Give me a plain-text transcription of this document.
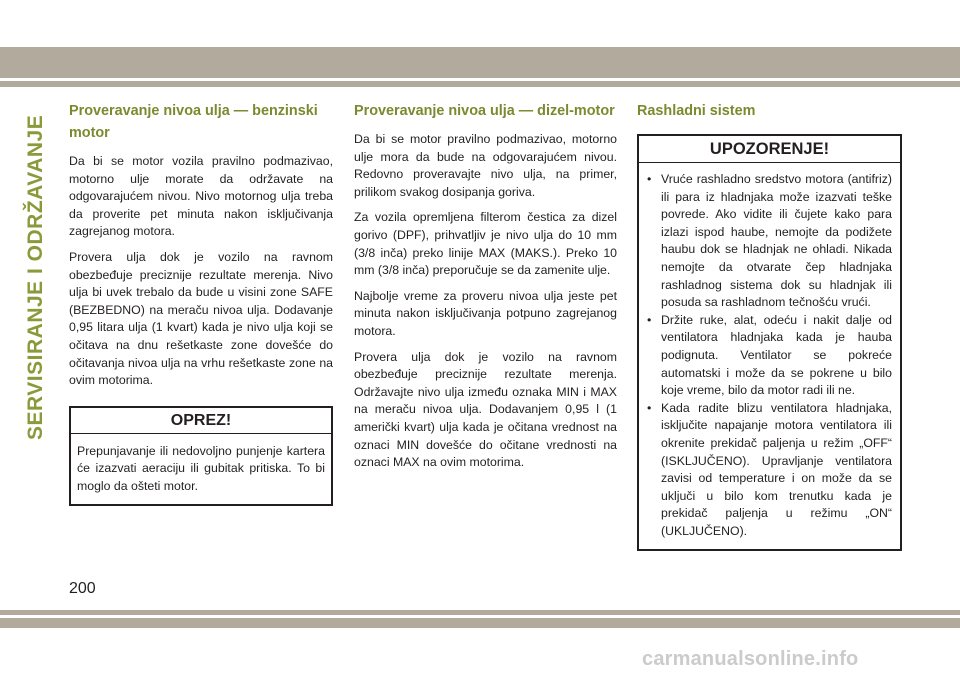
SERVISIRANJE I ODRŽAVANJE
Proveravanje nivoa ulja — benzinski motor

Da bi se motor vozila pravilno podmazivao, motorno ulje morate da održavate na odgovarajućem nivou. Nivo motornog ulja treba da proverite pet minuta nakon isključivanja zagrejanog motora.

Provera ulja dok je vozilo na ravnom obezbeđuje preciznije rezultate merenja. Nivo ulja bi uvek trebalo da bude u visini zone SAFE (BEZBEDNO) na meraču nivoa ulja. Dodavanje 0,95 litara ulja (1 kvart) kada je nivo ulja koji se očitava na dnu rešetkaste zone dovešće do očitavanja nivoa ulja na vrhu rešetkaste zone na ovim motorima.

OPREZ!
Prepunjavanje ili nedovoljno punjenje kartera će izazvati aeraciju ili gubitak pritiska. To bi moglo da ošteti motor.
Proveravanje nivoa ulja — dizel-motor

Da bi se motor pravilno podmazivao, motorno ulje mora da bude na odgovarajućem nivou. Redovno proveravajte nivo ulja, na primer, prilikom svakog dosipanja goriva.

Za vozila opremljena filterom čestica za dizel gorivo (DPF), prihvatljiv je nivo ulja do 10 mm (3/8 inča) preko linije MAX (MAKS.). Preko 10 mm (3/8 inča) preporučuje se da zamenite ulje.

Najbolje vreme za proveru nivoa ulja jeste pet minuta nakon isključivanja potpuno zagrejanog motora.

Provera ulja dok je vozilo na ravnom obezbeđuje preciznije rezultate merenja. Održavajte nivo ulja između oznaka MIN i MAX na meraču nivoa ulja. Dodavanjem 0,95 l (1 američki kvart) ulja kada je očitana vrednost na oznaci MIN dovešće do očitane vrednosti na oznaci MAX na ovim motorima.

Rashladni sistem
UPOZORENJE!
• Vruće rashladno sredstvo motora (antifriz) ili para iz hladnjaka može izazvati teške povrede. Ako vidite ili čujete kako para izlazi ispod haube, nemojte da podižete haubu dok se hladnjak ne ohladi. Nikada nemojte da otvarate čep hladnjaka rashladnog sistema dok su hladnjak ili posuda sa rashladnom tečnošću vrući.
• Držite ruke, alat, odeću i nakit dalje od ventilatora hladnjaka kada je hauba podignuta. Ventilator se pokreće automatski i može da se pokrene u bilo koje vreme, bilo da motor radi ili ne.
• Kada radite blizu ventilatora hladnjaka, isključite napajanje motora ventilatora ili okrenite prekidač paljenja u režim „OFF“ (ISKLJUČENO). Upravljanje ventilatora zavisi od temperature i on može da se uključi u bilo kom trenutku kada je prekidač paljenja u režimu „ON“ (UKLJUČENO).
200
carmanualsonline.info
